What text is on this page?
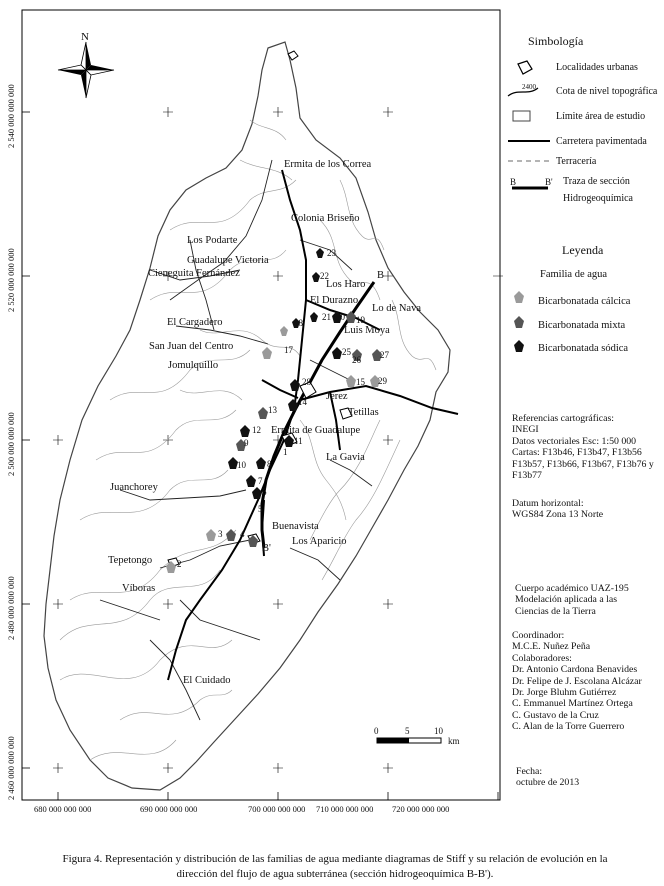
N
2 540 000 000 000
2 520 000 000 000
2 500 000 000 000
2 480 000 000 000
2 460 000 000 000
680 000 000 000	690 000 000 000	700 000 000 000 710 000 000 000 720 000 000 000
Ermita de los Correa
Colonia Briseño
Los Podarte
Guadalupe Victoria
Cieneguita Fernández
Los Haro
El Durazno
Lo de Nava
El Cargadero
Luis Moya
San Juan del Centro
Jomulquillo
Jerez
Tetillas
Ermita de Guadalupe
La Gavia
Juanchorey
Buenavista
Los Aparicio
Tepetongo
Víboras
El Cuidado
B
B'
23
22
21 20 19
18
17	25
26 27
28	29
15
14
13
12
11
10
9
8
7
6
5
4
3
2
1
0	5	10
km
Simbología
Localidades urbanas
2400 Cota de nivel topográfica
Límite área de estudio
Carretera pavimentada
Terracería
B	B' Traza de sección
Hidrogeoquímica
Leyenda
Familia de agua
Bicarbonatada cálcica
Bicarbonatada mixta
Bicarbonatada sódica
Referencias cartográficas:
INEGI
Datos vectoriales Esc: 1:50 000
Cartas: F13b46, F13b47, F13b56
F13b57, F13b66, F13b67, F13b76 y
F13b77
Datum horizontal:
WGS84 Zona 13 Norte
Cuerpo académico UAZ-195
Modelación aplicada a las
Ciencias de la Tierra
Coordinador:
M.C.E. Nuñez Peña
Colaboradores:
Dr. Antonio Cardona Benavides
Dr. Felipe de J. Escolana Alcázar
Dr. Jorge Bluhm Gutiérrez
C. Emmanuel Martínez Ortega
C. Gustavo de la Cruz
C. Alan de la Torre Guerrero
Fecha:
octubre de 2013
Figura 4. Representación y distribución de las familias de agua mediante diagramas de Stiff y su relación de evolución en la
dirección del flujo de agua subterránea (sección hidrogeoquímica B-B').
